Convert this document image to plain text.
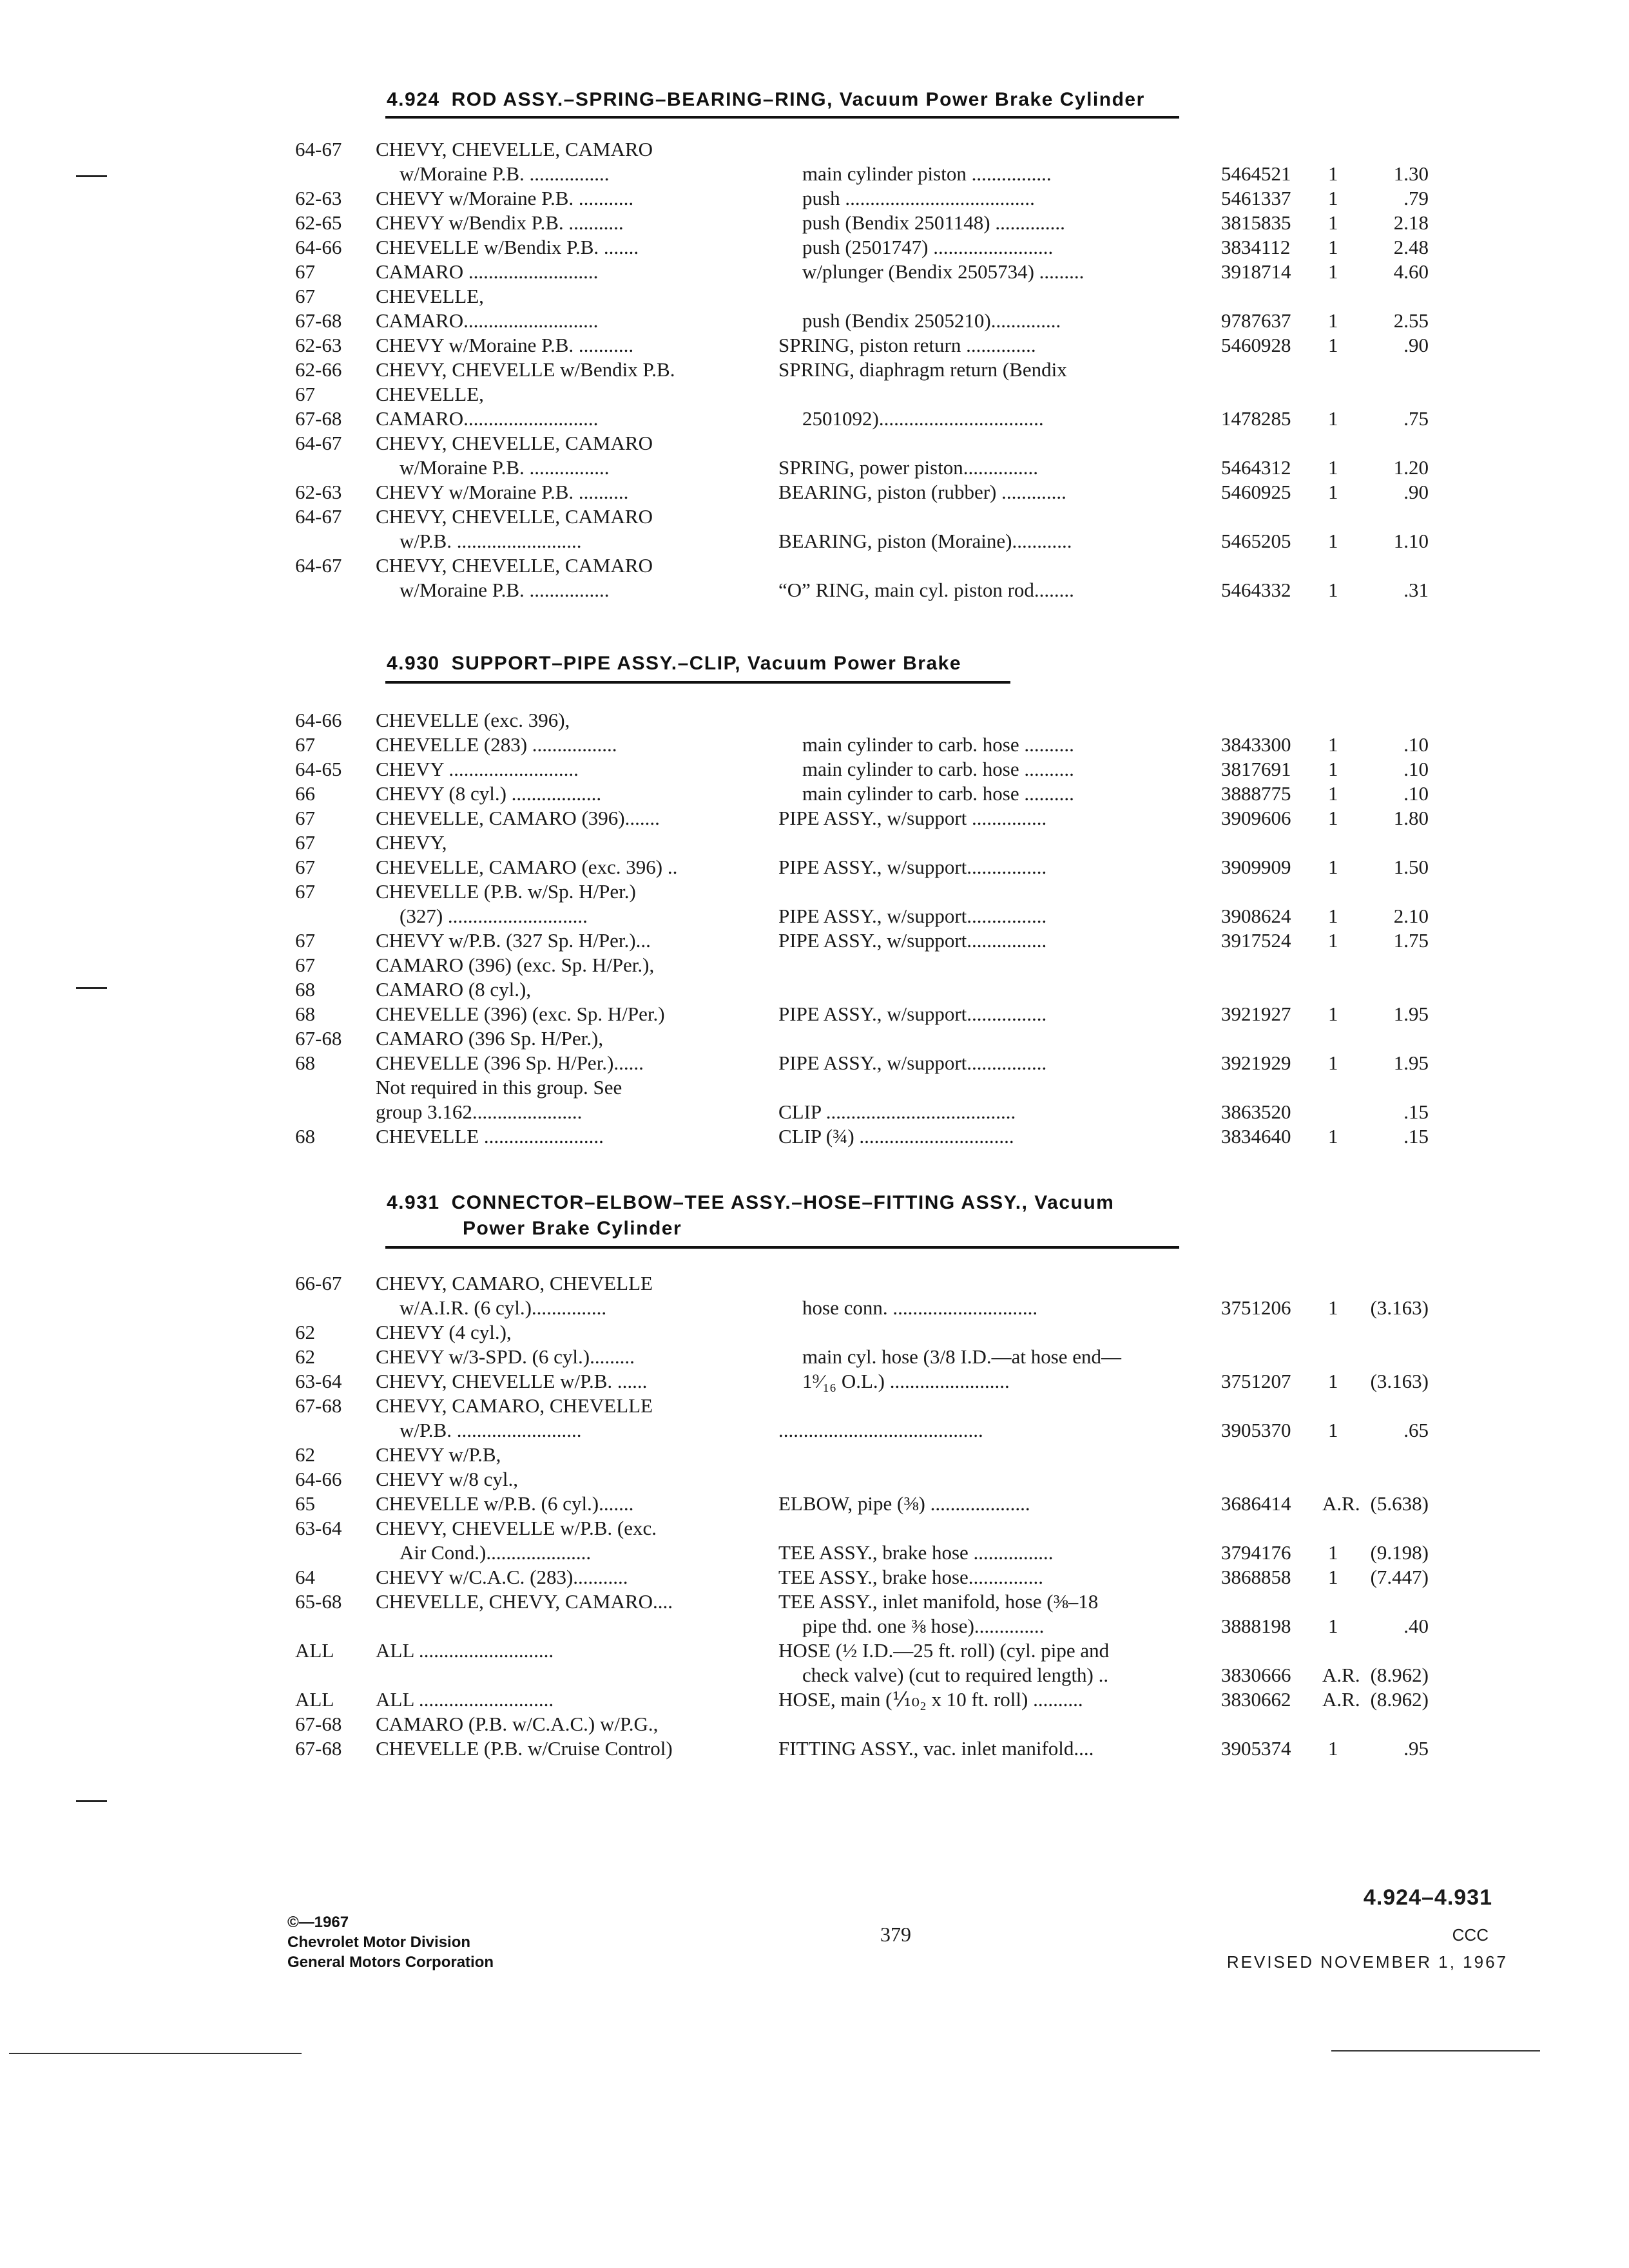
4.924 ROD ASSY.–SPRING–BEARING–RING, Vacuum Power Brake Cylinder
64-67 CHEVY, CHEVELLE, CAMARO
w/Moraine P.B. ................	main cylinder piston ................	5464521 1	1.30
62-63 CHEVY w/Moraine P.B. ...........	push ......................................	5461337 1	.79
62-65 CHEVY w/Bendix P.B. ...........	push (Bendix 2501148) ..............	3815835 1	2.18
64-66 CHEVELLE w/Bendix P.B. .......	push (2501747) ........................	3834112 1	2.48
67	CAMARO ..........................	w/plunger (Bendix 2505734) .........	3918714 1	4.60
67	CHEVELLE,
67-68 CAMARO...........................	push (Bendix 2505210)..............	9787637 1	2.55
62-63 CHEVY w/Moraine P.B. ...........	SPRING, piston return ..............	5460928 1	.90
62-66 CHEVY, CHEVELLE w/Bendix P.B.	SPRING, diaphragm return (Bendix
67	CHEVELLE,
67-68 CAMARO...........................	2501092).................................	1478285 1	.75
64-67 CHEVY, CHEVELLE, CAMARO
w/Moraine P.B. ................	SPRING, power piston...............	5464312 1	1.20
62-63 CHEVY w/Moraine P.B. ..........	BEARING, piston (rubber) .............	5460925 1	.90
64-67 CHEVY, CHEVELLE, CAMARO
w/P.B. .........................	BEARING, piston (Moraine)............	5465205 1	1.10
64-67 CHEVY, CHEVELLE, CAMARO
w/Moraine P.B. ................	“O” RING, main cyl. piston rod........	5464332 1	.31
4.930 SUPPORT–PIPE ASSY.–CLIP, Vacuum Power Brake
64-66 CHEVELLE (exc. 396),
67	CHEVELLE (283) .................	main cylinder to carb. hose ..........	3843300 1	.10
64-65 CHEVY ..........................	main cylinder to carb. hose ..........	3817691 1	.10
66	CHEVY (8 cyl.) ..................	main cylinder to carb. hose ..........	3888775 1	.10
67	CHEVELLE, CAMARO (396).......	PIPE ASSY., w/support ...............	3909606 1	1.80
67	CHEVY,
67	CHEVELLE, CAMARO (exc. 396) ..	PIPE ASSY., w/support................	3909909 1	1.50
67	CHEVELLE (P.B. w/Sp. H/Per.)
(327) ............................	PIPE ASSY., w/support................	3908624 1	2.10
67	CHEVY w/P.B. (327 Sp. H/Per.)...	PIPE ASSY., w/support................	3917524 1	1.75
67	CAMARO (396) (exc. Sp. H/Per.),
68	CAMARO (8 cyl.),
68	CHEVELLE (396) (exc. Sp. H/Per.)	PIPE ASSY., w/support................	3921927 1	1.95
67-68 CAMARO (396 Sp. H/Per.),
68	CHEVELLE (396 Sp. H/Per.)......	PIPE ASSY., w/support................	3921929 1	1.95
Not required in this group. See
group 3.162......................	CLIP ......................................	3863520	.15
68	CHEVELLE ........................	CLIP (¾) ...............................	3834640 1	.15
4.931 CONNECTOR–ELBOW–TEE ASSY.–HOSE–FITTING ASSY., Vacuum
Power Brake Cylinder
66-67 CHEVY, CAMARO, CHEVELLE
w/A.I.R. (6 cyl.)...............	hose conn. .............................	3751206 1	(3.163)
62	CHEVY (4 cyl.),
62	CHEVY w/3-SPD. (6 cyl.).........	main cyl. hose (3/8 I.D.—at hose end—
63-64 CHEVY, CHEVELLE w/P.B. ......	1⁹⁄₁₆ O.L.) ........................	3751207 1	(3.163)
67-68 CHEVY, CAMARO, CHEVELLE
w/P.B. .........................	.........................................	3905370 1	.65
62	CHEVY w/P.B,
64-66 CHEVY w/8 cyl.,
65	CHEVELLE w/P.B. (6 cyl.).......	ELBOW, pipe (⅜) ....................	3686414 A.R. (5.638)
63-64 CHEVY, CHEVELLE w/P.B. (exc.
Air Cond.).....................	TEE ASSY., brake hose ................	3794176 1	(9.198)
64	CHEVY w/C.A.C. (283)...........	TEE ASSY., brake hose...............	3868858 1	(7.447)
65-68 CHEVELLE, CHEVY, CAMARO....	TEE ASSY., inlet manifold, hose (⅜–18
pipe thd. one ⅜ hose)..............	3888198 1	.40
ALL ALL ...........................	HOSE (½ I.D.—25 ft. roll) (cyl. pipe and
check valve) (cut to required length) ..	3830666 A.R. (8.962)
ALL ALL ...........................	HOSE, main (⅒₂ x 10 ft. roll) ..........	3830662 A.R. (8.962)
67-68 CAMARO (P.B. w/C.A.C.) w/P.G.,
67-68 CHEVELLE (P.B. w/Cruise Control)	FITTING ASSY., vac. inlet manifold....	3905374 1	.95
©—1967
Chevrolet Motor Division
General Motors Corporation
379
4.924–4.931
CCC
REVISED NOVEMBER 1, 1967
